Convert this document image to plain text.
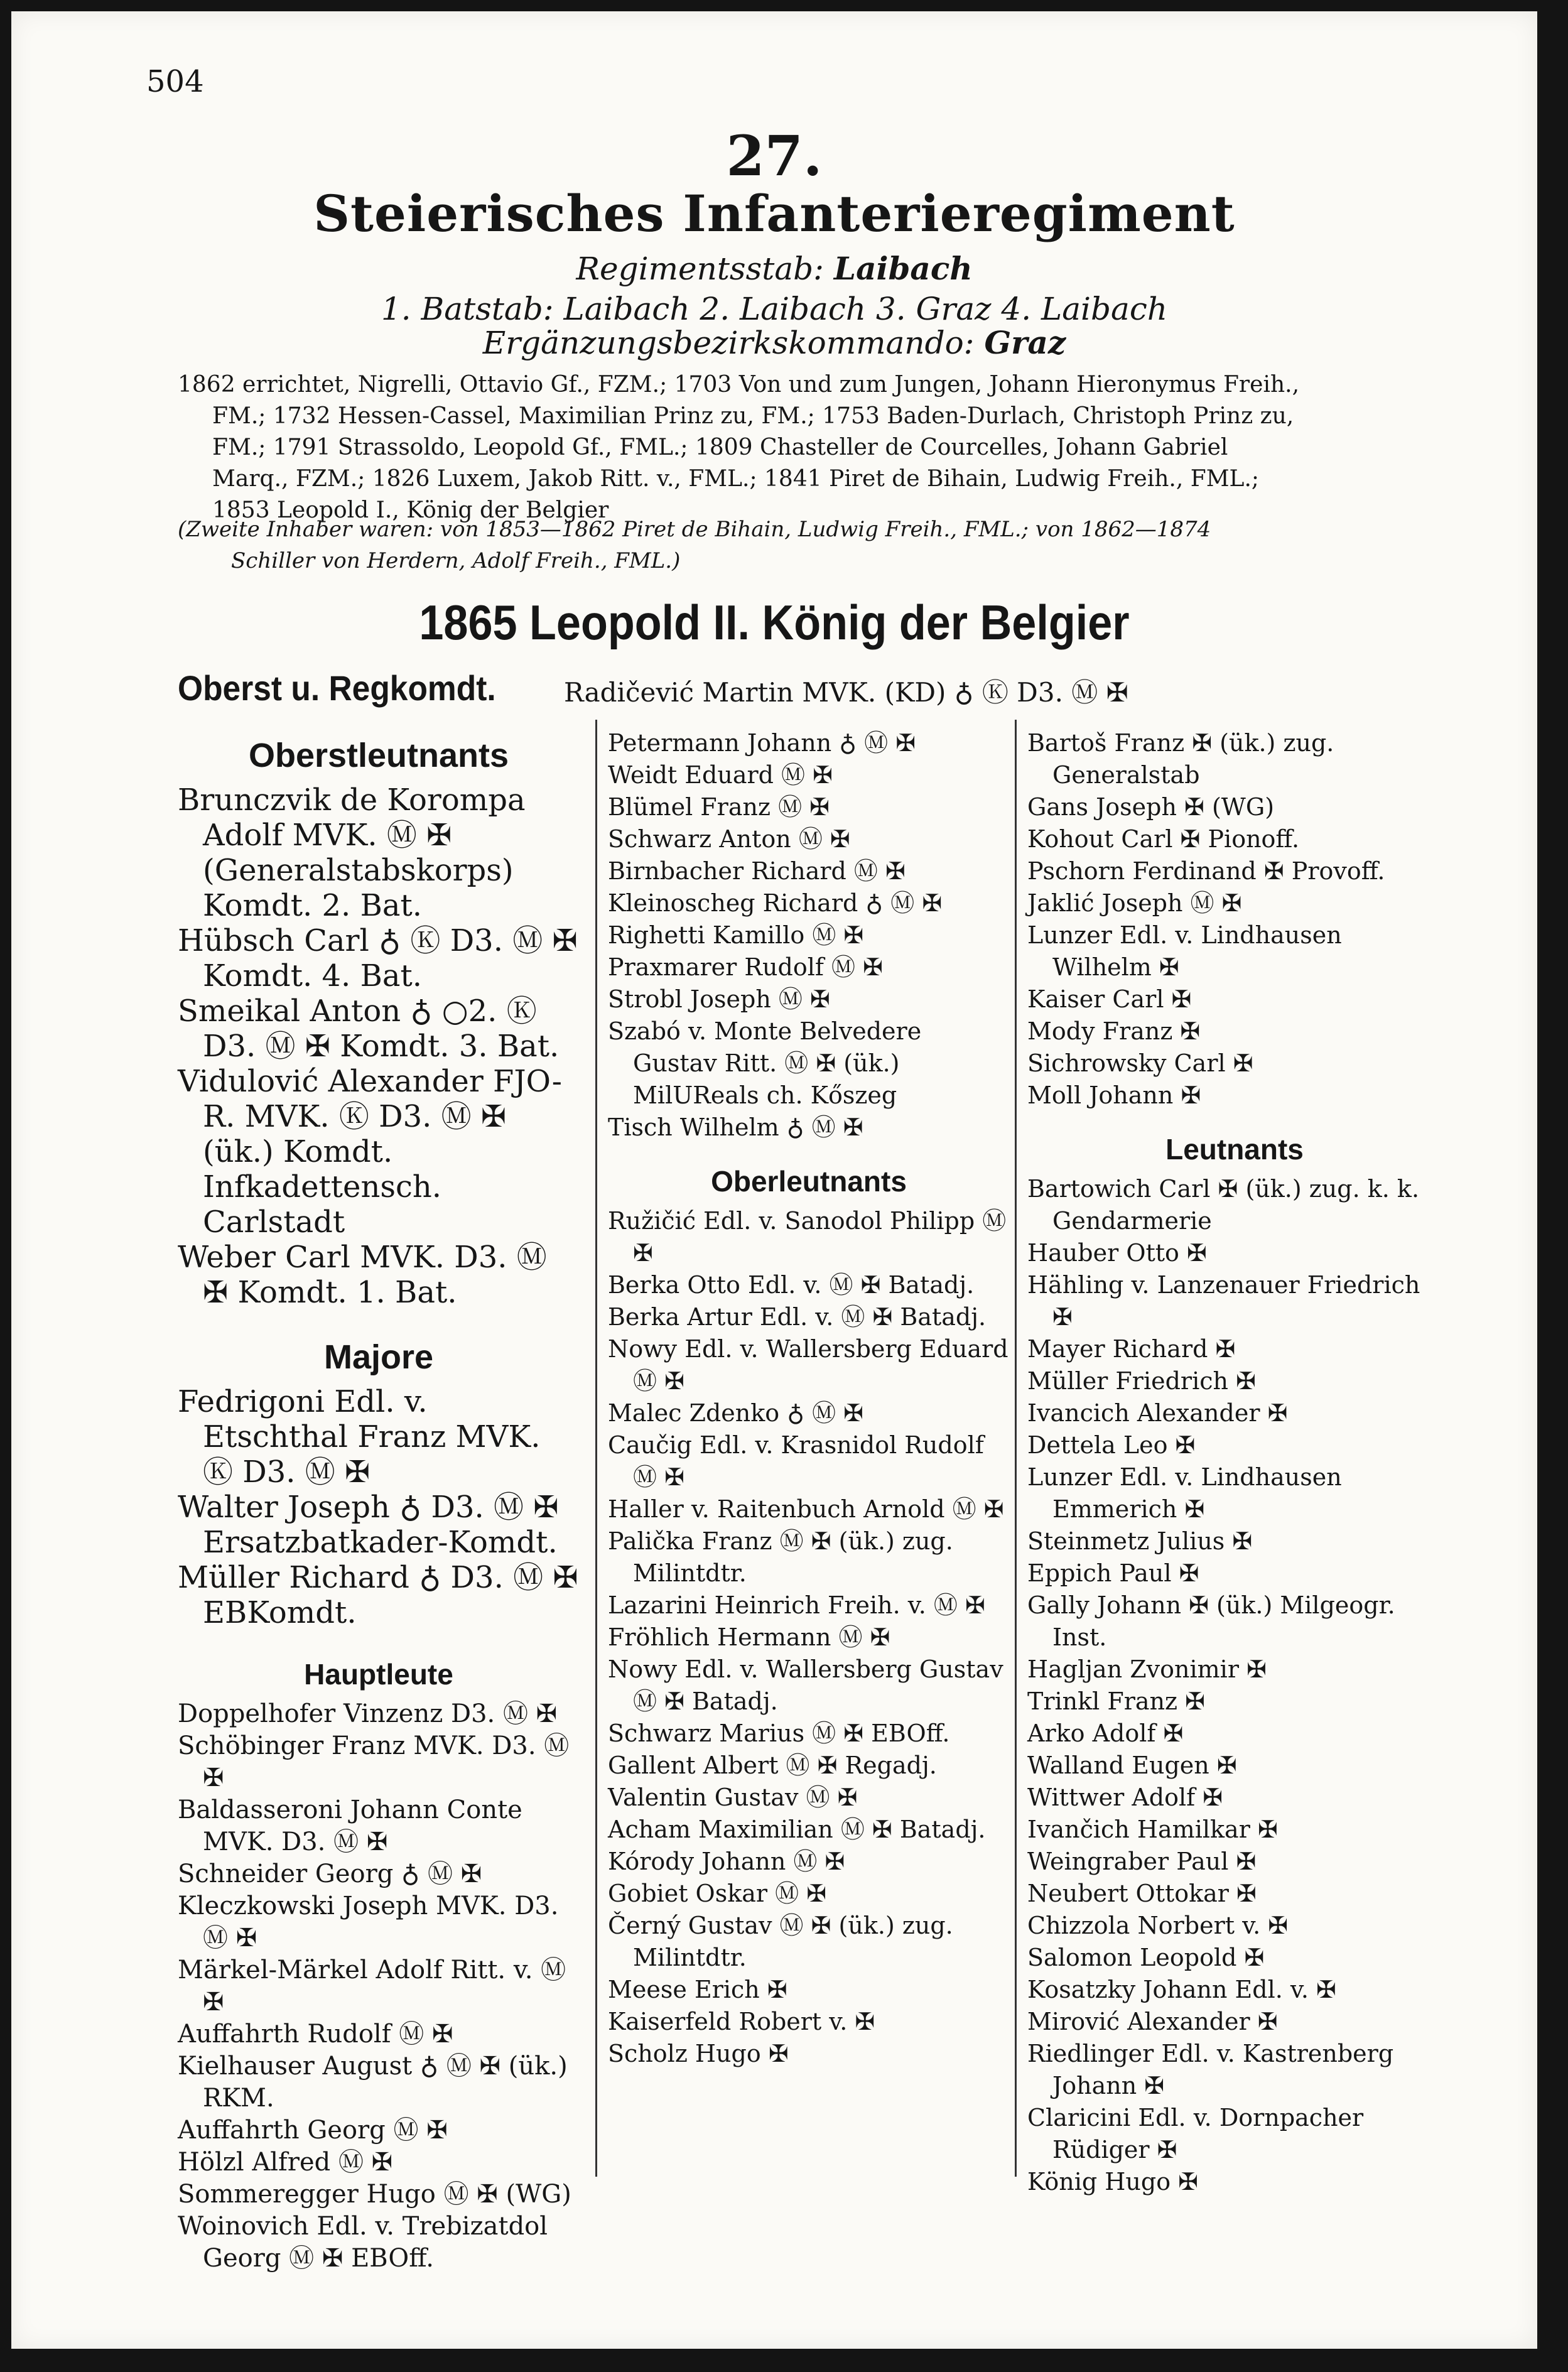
504
27.
Steierisches Infanterieregiment
Regimentsstab: Laibach
1. Batstab: Laibach 2. Laibach 3. Graz 4. Laibach
Ergänzungsbezirkskommando: Graz
1862 errichtet, Nigrelli, Ottavio Gf., FZM.; 1703 Von und zum Jungen, Johann Hieronymus Freih.,
FM.; 1732 Hessen-Cassel, Maximilian Prinz zu, FM.; 1753 Baden-Durlach, Christoph Prinz zu,
FM.; 1791 Strassoldo, Leopold Gf., FML.; 1809 Chasteller de Courcelles, Johann Gabriel
Marq., FZM.; 1826 Luxem, Jakob Ritt. v., FML.; 1841 Piret de Bihain, Ludwig Freih., FML.;
1853 Leopold I., König der Belgier
(Zweite Inhaber waren: von 1853—1862 Piret de Bihain, Ludwig Freih., FML.; von 1862—1874
Schiller von Herdern, Adolf Freih., FML.)
1865 Leopold II. König der Belgier
Oberst u. Regkomdt.	Radičević Martin MVK. (KD) ♁ Ⓚ D3. Ⓜ ✠
Oberstleutnants
Brunczvik de Korompa Adolf MVK. Ⓜ ✠ (Generalstabskorps) Komdt. 2. Bat.
Hübsch Carl ♁ Ⓚ D3. Ⓜ ✠ Komdt. 4. Bat.
Smeikal Anton ♁ ○2. Ⓚ D3. Ⓜ ✠ Komdt. 3. Bat.
Vidulović Alexander FJO-R. MVK. Ⓚ D3. Ⓜ ✠ (ük.) Komdt. Infkadettensch. Carlstadt
Weber Carl MVK. D3. Ⓜ ✠ Komdt. 1. Bat.
Majore
Fedrigoni Edl. v. Etschthal Franz MVK. Ⓚ D3. Ⓜ ✠
Walter Joseph ♁ D3. Ⓜ ✠ Ersatzbatkader-Komdt.
Müller Richard ♁ D3. Ⓜ ✠ EBKomdt.
Hauptleute
Doppelhofer Vinzenz D3. Ⓜ ✠
Schöbinger Franz MVK. D3. Ⓜ ✠
Baldasseroni Johann Conte MVK. D3. Ⓜ ✠
Schneider Georg ♁ Ⓜ ✠
Kleczkowski Joseph MVK. D3. Ⓜ ✠
Märkel-Märkel Adolf Ritt. v. Ⓜ ✠
Auffahrth Rudolf Ⓜ ✠
Kielhauser August ♁ Ⓜ ✠ (ük.) RKM.
Auffahrth Georg Ⓜ ✠
Hölzl Alfred Ⓜ ✠
Sommeregger Hugo Ⓜ ✠ (WG)
Woinovich Edl. v. Trebizatdol Georg Ⓜ ✠ EBOff.
Petermann Johann ♁ Ⓜ ✠
Weidt Eduard Ⓜ ✠
Blümel Franz Ⓜ ✠
Schwarz Anton Ⓜ ✠
Birnbacher Richard Ⓜ ✠
Kleinoscheg Richard ♁ Ⓜ ✠
Righetti Kamillo Ⓜ ✠
Praxmarer Rudolf Ⓜ ✠
Strobl Joseph Ⓜ ✠
Szabó v. Monte Belvedere Gustav Ritt. Ⓜ ✠ (ük.) MilUReals ch. Kőszeg
Tisch Wilhelm ♁ Ⓜ ✠
Oberleutnants
Ružičić Edl. v. Sanodol Philipp Ⓜ ✠
Berka Otto Edl. v. Ⓜ ✠ Batadj.
Berka Artur Edl. v. Ⓜ ✠ Batadj.
Nowy Edl. v. Wallersberg Eduard Ⓜ ✠
Malec Zdenko ♁ Ⓜ ✠
Caučig Edl. v. Krasnidol Rudolf Ⓜ ✠
Haller v. Raitenbuch Arnold Ⓜ ✠
Palička Franz Ⓜ ✠ (ük.) zug. Milintdtr.
Lazarini Heinrich Freih. v. Ⓜ ✠
Fröhlich Hermann Ⓜ ✠
Nowy Edl. v. Wallersberg Gustav Ⓜ ✠ Batadj.
Schwarz Marius Ⓜ ✠ EBOff.
Gallent Albert Ⓜ ✠ Regadj.
Valentin Gustav Ⓜ ✠
Acham Maximilian Ⓜ ✠ Batadj.
Kórody Johann Ⓜ ✠
Gobiet Oskar Ⓜ ✠
Černý Gustav Ⓜ ✠ (ük.) zug. Milintdtr.
Meese Erich ✠
Kaiserfeld Robert v. ✠
Scholz Hugo ✠
Bartoš Franz ✠ (ük.) zug. Generalstab
Gans Joseph ✠ (WG)
Kohout Carl ✠ Pionoff.
Pschorn Ferdinand ✠ Provoff.
Jaklić Joseph Ⓜ ✠
Lunzer Edl. v. Lindhausen Wilhelm ✠
Kaiser Carl ✠
Mody Franz ✠
Sichrowsky Carl ✠
Moll Johann ✠
Leutnants
Bartowich Carl ✠ (ük.) zug. k. k. Gendarmerie
Hauber Otto ✠
Hähling v. Lanzenauer Friedrich ✠
Mayer Richard ✠
Müller Friedrich ✠
Ivancich Alexander ✠
Dettela Leo ✠
Lunzer Edl. v. Lindhausen Emmerich ✠
Steinmetz Julius ✠
Eppich Paul ✠
Gally Johann ✠ (ük.) Milgeogr. Inst.
Hagljan Zvonimir ✠
Trinkl Franz ✠
Arko Adolf ✠
Walland Eugen ✠
Wittwer Adolf ✠
Ivančich Hamilkar ✠
Weingraber Paul ✠
Neubert Ottokar ✠
Chizzola Norbert v. ✠
Salomon Leopold ✠
Kosatzky Johann Edl. v. ✠
Mirović Alexander ✠
Riedlinger Edl. v. Kastrenberg Johann ✠
Claricini Edl. v. Dornpacher Rüdiger ✠
König Hugo ✠
